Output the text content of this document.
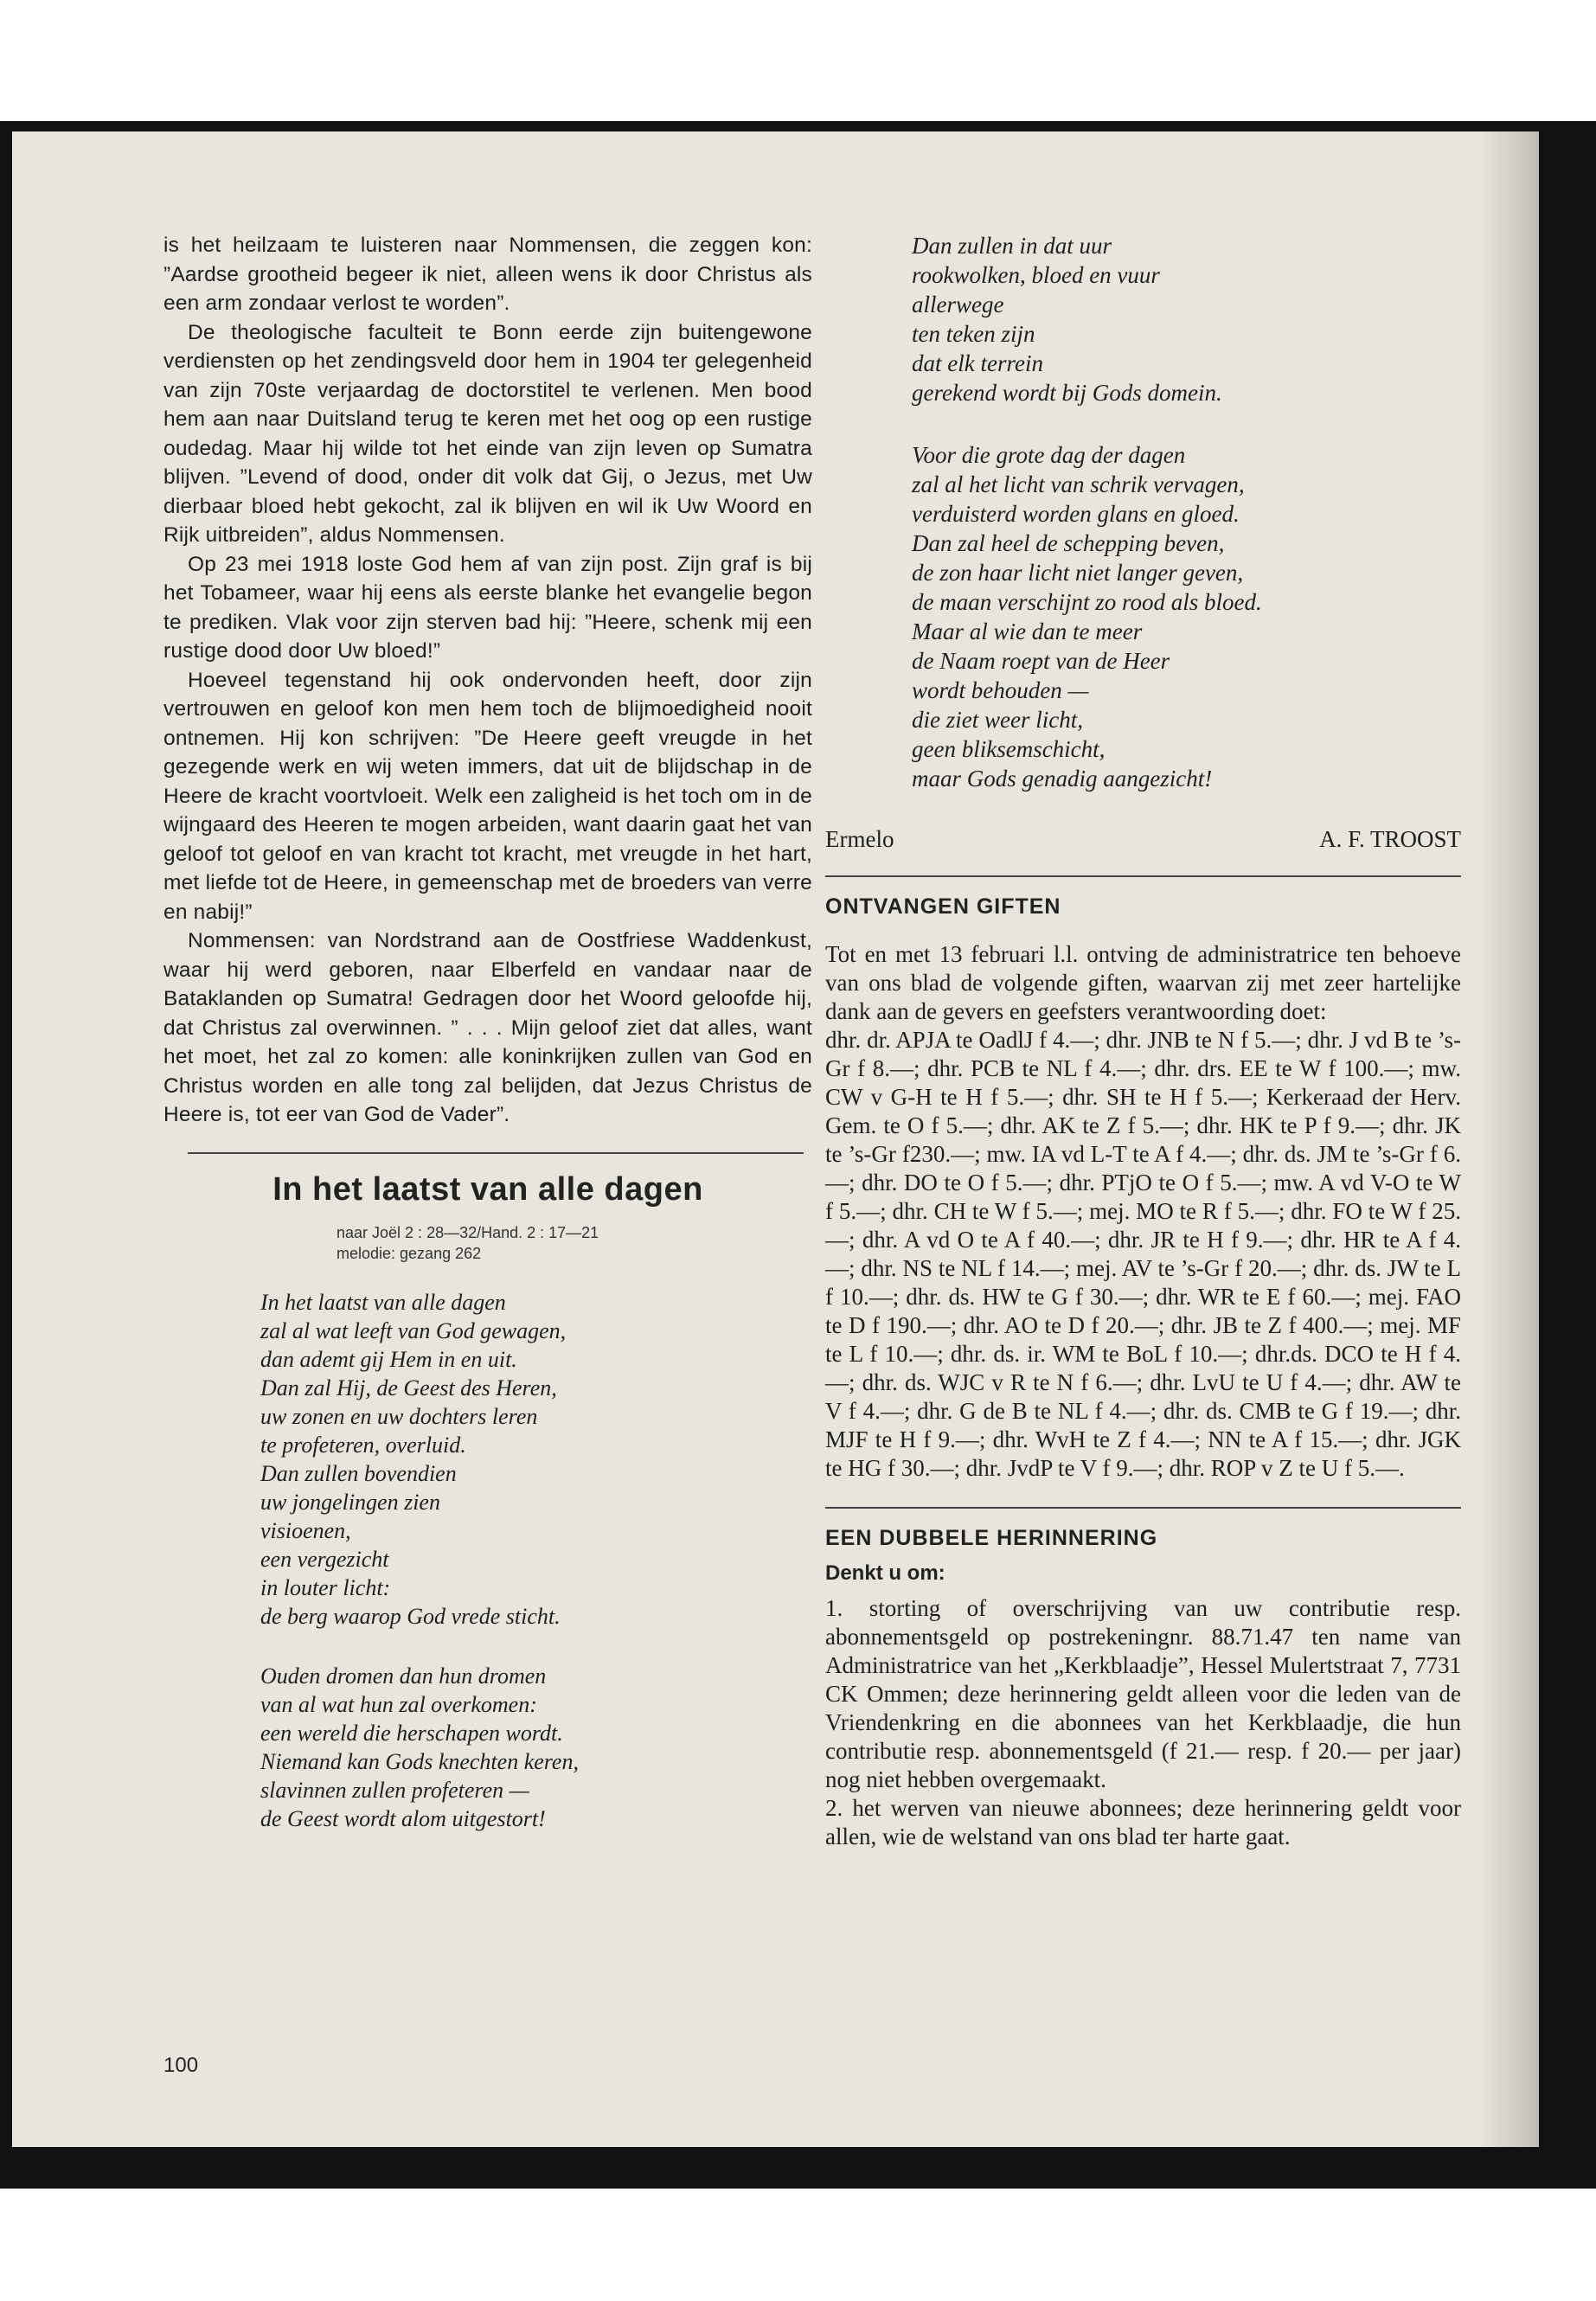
is het heilzaam te luisteren naar Nommensen, die zeggen kon: ”Aardse grootheid begeer ik niet, alleen wens ik door Christus als een arm zondaar verlost te worden”.

De theologische faculteit te Bonn eerde zijn buitengewone verdiensten op het zendingsveld door hem in 1904 ter gelegenheid van zijn 70ste verjaardag de doctorstitel te verlenen. Men bood hem aan naar Duitsland terug te keren met het oog op een rustige oudedag. Maar hij wilde tot het einde van zijn leven op Sumatra blijven. ”Levend of dood, onder dit volk dat Gij, o Jezus, met Uw dierbaar bloed hebt gekocht, zal ik blijven en wil ik Uw Woord en Rijk uitbreiden”, aldus Nommensen.

Op 23 mei 1918 loste God hem af van zijn post. Zijn graf is bij het Tobameer, waar hij eens als eerste blanke het evangelie begon te prediken. Vlak voor zijn sterven bad hij: ”Heere, schenk mij een rustige dood door Uw bloed!”

Hoeveel tegenstand hij ook ondervonden heeft, door zijn vertrouwen en geloof kon men hem toch de blijmoedigheid nooit ontnemen. Hij kon schrijven: ”De Heere geeft vreugde in het gezegende werk en wij weten immers, dat uit de blijdschap in de Heere de kracht voortvloeit. Welk een zaligheid is het toch om in de wijngaard des Heeren te mogen arbeiden, want daarin gaat het van geloof tot geloof en van kracht tot kracht, met vreugde in het hart, met liefde tot de Heere, in gemeenschap met de broeders van verre en nabij!”

Nommensen: van Nordstrand aan de Oostfriese Waddenkust, waar hij werd geboren, naar Elberfeld en vandaar naar de Bataklanden op Sumatra! Gedragen door het Woord geloofde hij, dat Christus zal overwinnen. ” . . . Mijn geloof ziet dat alles, want het moet, het zal zo komen: alle koninkrijken zullen van God en Christus worden en alle tong zal belijden, dat Jezus Christus de Heere is, tot eer van God de Vader”.

In het laatst van alle dagen
naar Joël 2 : 28—32/Hand. 2 : 17—21
melodie: gezang 262
In het laatst van alle dagen
zal al wat leeft van God gewagen,
dan ademt gij Hem in en uit.
Dan zal Hij, de Geest des Heren,
uw zonen en uw dochters leren
te profeteren, overluid.
Dan zullen bovendien
uw jongelingen zien
visioenen,
een vergezicht
in louter licht:
de berg waarop God vrede sticht.
Ouden dromen dan hun dromen
van al wat hun zal overkomen:
een wereld die herschapen wordt.
Niemand kan Gods knechten keren,
slavinnen zullen profeteren —
de Geest wordt alom uitgestort!
100
Dan zullen in dat uur
rookwolken, bloed en vuur
allerwege
ten teken zijn
dat elk terrein
gerekend wordt bij Gods domein.
Voor die grote dag der dagen
zal al het licht van schrik vervagen,
verduisterd worden glans en gloed.
Dan zal heel de schepping beven,
de zon haar licht niet langer geven,
de maan verschijnt zo rood als bloed.
Maar al wie dan te meer
de Naam roept van de Heer
wordt behouden —
die ziet weer licht,
geen bliksemschicht,
maar Gods genadig aangezicht!
Ermelo	A. F. TROOST
ONTVANGEN GIFTEN
Tot en met 13 februari l.l. ontving de administratrice ten behoeve van ons blad de volgende giften, waarvan zij met zeer hartelijke dank aan de gevers en geefsters verantwoording doet:
dhr. dr. APJA te OadlJ f 4.—; dhr. JNB te N f 5.—; dhr. J vd B te ’s-Gr f 8.—; dhr. PCB te NL f 4.—; dhr. drs. EE te W f 100.—; mw. CW v G-H te H f 5.—; dhr. SH te H f 5.—; Kerkeraad der Herv. Gem. te O f 5.—; dhr. AK te Z f 5.—; dhr. HK te P f 9.—; dhr. JK te ’s-Gr f230.—; mw. IA vd L-T te A f 4.—; dhr. ds. JM te ’s-Gr f 6.—; dhr. DO te O f 5.—; dhr. PTjO te O f 5.—; mw. A vd V-O te W f 5.—; dhr. CH te W f 5.—; mej. MO te R f 5.—; dhr. FO te W f 25.—; dhr. A vd O te A f 40.—; dhr. JR te H f 9.—; dhr. HR te A f 4.—; dhr. NS te NL f 14.—; mej. AV te ’s-Gr f 20.—; dhr. ds. JW te L f 10.—; dhr. ds. HW te G f 30.—; dhr. WR te E f 60.—; mej. FAO te D f 190.—; dhr. AO te D f 20.—; dhr. JB te Z f 400.—; mej. MF te L f 10.—; dhr. ds. ir. WM te BoL f 10.—; dhr.ds. DCO te H f 4.—; dhr. ds. WJC v R te N f 6.—; dhr. LvU te U f 4.—; dhr. AW te V f 4.—; dhr. G de B te NL f 4.—; dhr. ds. CMB te G f 19.—; dhr. MJF te H f 9.—; dhr. WvH te Z f 4.—; NN te A f 15.—; dhr. JGK te HG f 30.—; dhr. JvdP te V f 9.—; dhr. ROP v Z te U f 5.—.
EEN DUBBELE HERINNERING
Denkt u om:

1. storting of overschrijving van uw contributie resp. abonnementsgeld op postrekeningnr. 88.71.47 ten name van Administratrice van het „Kerkblaadje”, Hessel Mulertstraat 7, 7731 CK Ommen; deze herinnering geldt alleen voor die leden van de Vriendenkring en die abonnees van het Kerkblaadje, die hun contributie resp. abonnementsgeld (f 21.— resp. f 20.— per jaar) nog niet hebben overgemaakt.

2. het werven van nieuwe abonnees; deze herinnering geldt voor allen, wie de welstand van ons blad ter harte gaat.
